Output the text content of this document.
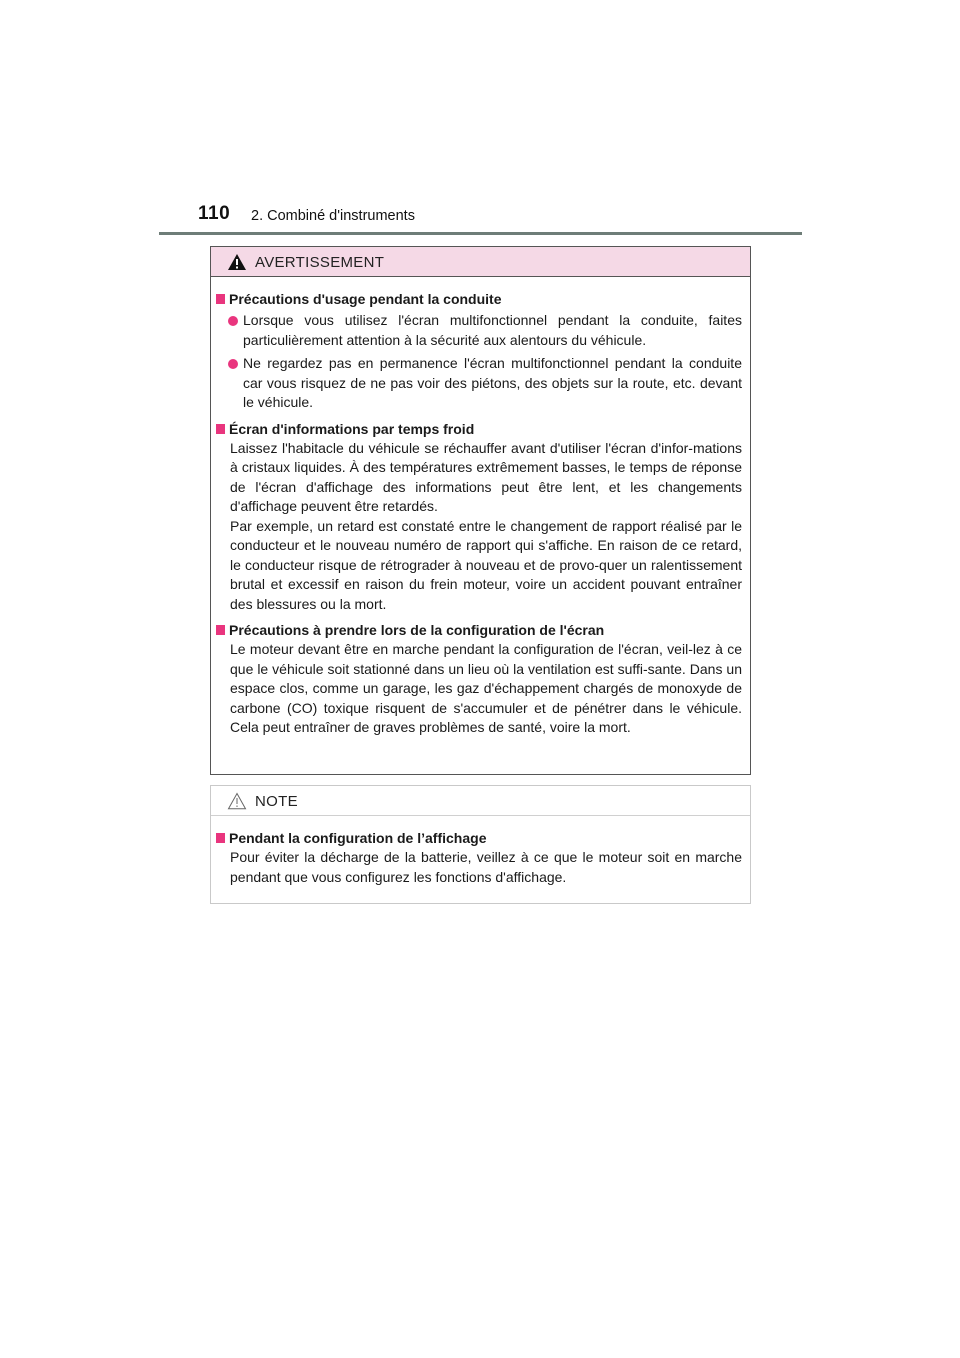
110 2. Combiné d'instruments
AVERTISSEMENT
Précautions d'usage pendant la conduite
Lorsque vous utilisez l'écran multifonctionnel pendant la conduite, faites particulièrement attention à la sécurité aux alentours du véhicule.
Ne regardez pas en permanence l'écran multifonctionnel pendant la conduite car vous risquez de ne pas voir des piétons, des objets sur la route, etc. devant le véhicule.
Écran d'informations par temps froid
Laissez l'habitacle du véhicule se réchauffer avant d'utiliser l'écran d'infor-mations à cristaux liquides. À des températures extrêmement basses, le temps de réponse de l'écran d'affichage des informations peut être lent, et les changements d'affichage peuvent être retardés.
Par exemple, un retard est constaté entre le changement de rapport réalisé par le conducteur et le nouveau numéro de rapport qui s'affiche. En raison de ce retard, le conducteur risque de rétrograder à nouveau et de provo-quer un ralentissement brutal et excessif en raison du frein moteur, voire un accident pouvant entraîner des blessures ou la mort.
Précautions à prendre lors de la configuration de l'écran
Le moteur devant être en marche pendant la configuration de l'écran, veil-lez à ce que le véhicule soit stationné dans un lieu où la ventilation est suffi-sante. Dans un espace clos, comme un garage, les gaz d'échappement chargés de monoxyde de carbone (CO) toxique risquent de s'accumuler et de pénétrer dans le véhicule. Cela peut entraîner de graves problèmes de santé, voire la mort.
NOTE
Pendant la configuration de l’affichage
Pour éviter la décharge de la batterie, veillez à ce que le moteur soit en marche pendant que vous configurez les fonctions d'affichage.
